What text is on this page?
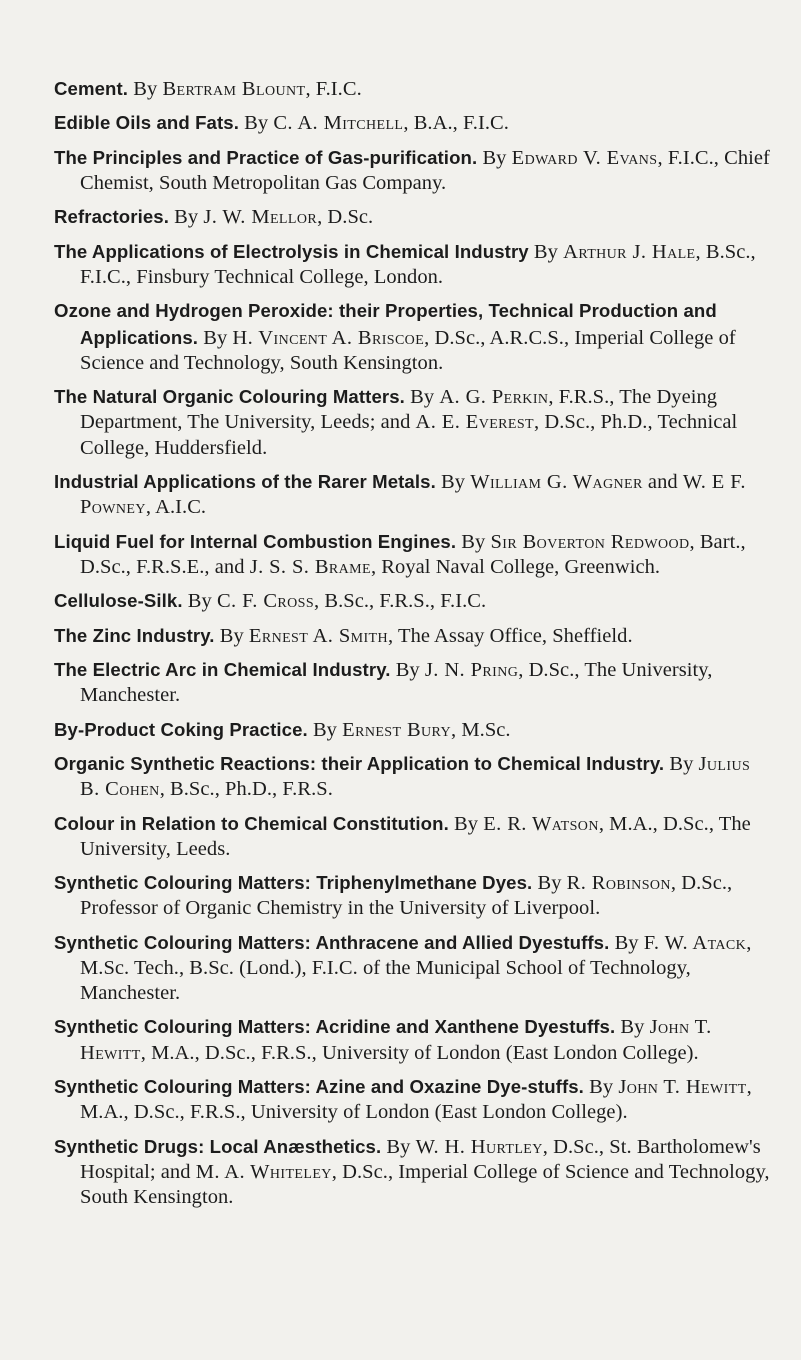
Cement. By Bertram Blount, F.I.C.

Edible Oils and Fats. By C. A. Mitchell, B.A., F.I.C.

The Principles and Practice of Gas-purification. By Edward V. Evans, F.I.C., Chief Chemist, South Metropolitan Gas Company.

Refractories. By J. W. Mellor, D.Sc.

The Applications of Electrolysis in Chemical Industry By Arthur J. Hale, B.Sc., F.I.C., Finsbury Technical College, London.

Ozone and Hydrogen Peroxide: their Properties, Technical Production and Applications. By H. Vincent A. Briscoe, D.Sc., A.R.C.S., Imperial College of Science and Technology, South Kensington.

The Natural Organic Colouring Matters. By A. G. Perkin, F.R.S., The Dyeing Department, The University, Leeds; and A. E. Everest, D.Sc., Ph.D., Technical College, Huddersfield.

Industrial Applications of the Rarer Metals. By William G. Wagner and W. E F. Powney, A.I.C.

Liquid Fuel for Internal Combustion Engines. By Sir Boverton Redwood, Bart., D.Sc., F.R.S.E., and J. S. S. Brame, Royal Naval College, Greenwich.

Cellulose-Silk. By C. F. Cross, B.Sc., F.R.S., F.I.C.

The Zinc Industry. By Ernest A. Smith, The Assay Office, Sheffield.

The Electric Arc in Chemical Industry. By J. N. Pring, D.Sc., The University, Manchester.

By-Product Coking Practice. By Ernest Bury, M.Sc.

Organic Synthetic Reactions: their Application to Chemical Industry. By Julius B. Cohen, B.Sc., Ph.D., F.R.S.

Colour in Relation to Chemical Constitution. By E. R. Watson, M.A., D.Sc., The University, Leeds.

Synthetic Colouring Matters: Triphenylmethane Dyes. By R. Robinson, D.Sc., Professor of Organic Chemistry in the University of Liverpool.

Synthetic Colouring Matters: Anthracene and Allied Dyestuffs. By F. W. Atack, M.Sc. Tech., B.Sc. (Lond.), F.I.C. of the Municipal School of Technology, Manchester.

Synthetic Colouring Matters: Acridine and Xanthene Dyestuffs. By John T. Hewitt, M.A., D.Sc., F.R.S., University of London (East London College).

Synthetic Colouring Matters: Azine and Oxazine Dye-stuffs. By John T. Hewitt, M.A., D.Sc., F.R.S., University of London (East London College).

Synthetic Drugs: Local Anæsthetics. By W. H. Hurtley, D.Sc., St. Bartholomew's Hospital; and M. A. Whiteley, D.Sc., Imperial College of Science and Technology, South Kensington.
